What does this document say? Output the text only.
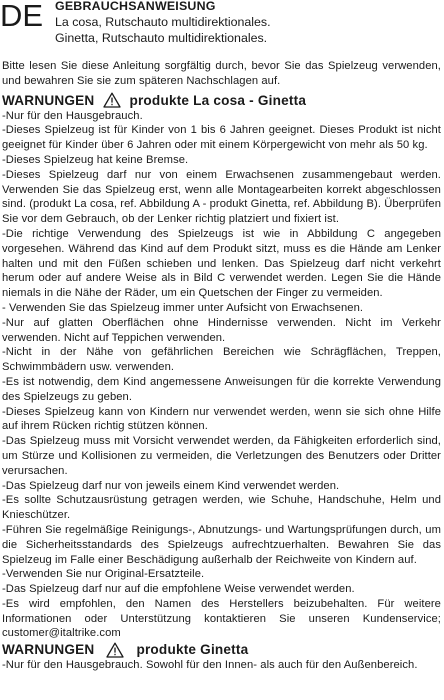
DE GEBRAUCHSANWEISUNG
La cosa, Rutschauto multidirektionales.
Ginetta, Rutschauto multidirektionales.

Bitte lesen Sie diese Anleitung sorgfältig durch, bevor Sie das Spielzeug verwenden, und bewahren Sie sie zum späteren Nachschlagen auf.

WARNUNGEN	produkte La cosa - Ginetta

-Nur für den Hausgebrauch.

-Dieses Spielzeug ist für Kinder von 1 bis 6 Jahren geeignet. Dieses Produkt ist nicht geeignet für Kinder über 6 Jahren oder mit einem Körpergewicht von mehr als 50 kg.

-Dieses Spielzeug hat keine Bremse.

-Dieses Spielzeug darf nur von einem Erwachsenen zusammengebaut werden. Verwenden Sie das Spielzeug erst, wenn alle Montagearbeiten korrekt abgeschlossen sind. (produkt La cosa, ref. Abbildung A - produkt Ginetta, ref. Abbildung B). Überprüfen Sie vor dem Gebrauch, ob der Lenker richtig platziert und fixiert ist.

-Die richtige Verwendung des Spielzeugs ist wie in Abbildung C angegeben vorgesehen. Während das Kind auf dem Produkt sitzt, muss es die Hände am Lenker halten und mit den Füßen schieben und lenken. Das Spielzeug darf nicht verkehrt herum oder auf andere Weise als in Bild C verwendet werden. Legen Sie die Hände niemals in die Nähe der Räder, um ein Quetschen der Finger zu vermeiden.

- Verwenden Sie das Spielzeug immer unter Aufsicht von Erwachsenen.

-Nur auf glatten Oberflächen ohne Hindernisse verwenden. Nicht im Verkehr verwenden. Nicht auf Teppichen verwenden.

-Nicht in der Nähe von gefährlichen Bereichen wie Schrägflächen, Treppen, Schwimmbädern usw. verwenden.

-Es ist notwendig, dem Kind angemessene Anweisungen für die korrekte Verwendung des Spielzeugs zu geben.

-Dieses Spielzeug kann von Kindern nur verwendet werden, wenn sie sich ohne Hilfe auf ihrem Rücken richtig stützen können.

-Das Spielzeug muss mit Vorsicht verwendet werden, da Fähigkeiten erforderlich sind, um Stürze und Kollisionen zu vermeiden, die Verletzungen des Benutzers oder Dritter verursachen.

-Das Spielzeug darf nur von jeweils einem Kind verwendet werden.

-Es sollte Schutzausrüstung getragen werden, wie Schuhe, Handschuhe, Helm und Knieschützer.

-Führen Sie regelmäßige Reinigungs-, Abnutzungs- und Wartungsprüfungen durch, um die Sicherheitsstandards des Spielzeugs aufrechtzuerhalten. Bewahren Sie das Spielzeug im Falle einer Beschädigung außerhalb der Reichweite von Kindern auf.

-Verwenden Sie nur Original-Ersatzteile.

-Das Spielzeug darf nur auf die empfohlene Weise verwendet werden.

-Es wird empfohlen, den Namen des Herstellers beizubehalten. Für weitere Informationen oder Unterstützung kontaktieren Sie unseren Kundenservice; customer@italtrike.com

WARNUNGEN	produkte Ginetta

-Nur für den Hausgebrauch. Sowohl für den Innen- als auch für den Außenbereich.
